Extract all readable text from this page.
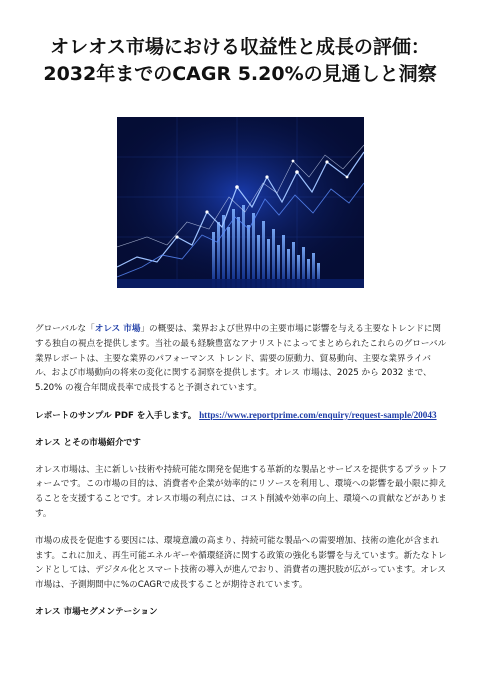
オレオス市場における収益性と成長の評価：
2032年までのCAGR 5.20%の見通しと洞察

グローバルな「オレス 市場」の概要は、業界および世界中の主要市場に影響を与える主要なトレンドに関する独自の視点を提供します。当社の最も経験豊富なアナリストによってまとめられたこれらのグローバル業界レポートは、主要な業界のパフォーマンス トレンド、需要の原動力、貿易動向、主要な業界ライバル、および市場動向の将来の変化に関する洞察を提供します。オレス 市場は、2025 から 2032 まで、5.20% の複合年間成長率で成長すると予測されています。

レポートのサンプル PDF を入手します。 https://www.reportprime.com/enquiry/request-sample/20043

オレス とその市場紹介です

オレス市場は、主に新しい技術や持続可能な開発を促進する革新的な製品とサービスを提供するプラットフォームです。この市場の目的は、消費者や企業が効率的にリソースを利用し、環境への影響を最小限に抑えることを支援することです。オレス市場の利点には、コスト削減や効率の向上、環境への貢献などがあります。

市場の成長を促進する要因には、環境意識の高まり、持続可能な製品への需要増加、技術の進化が含まれます。これに加え、再生可能エネルギーや循環経済に関する政策の強化も影響を与えています。新たなトレンドとしては、デジタル化とスマート技術の導入が進んでおり、消費者の選択肢が広がっています。オレス市場は、予測期間中に%のCAGRで成長することが期待されています。

オレス 市場セグメンテーション
